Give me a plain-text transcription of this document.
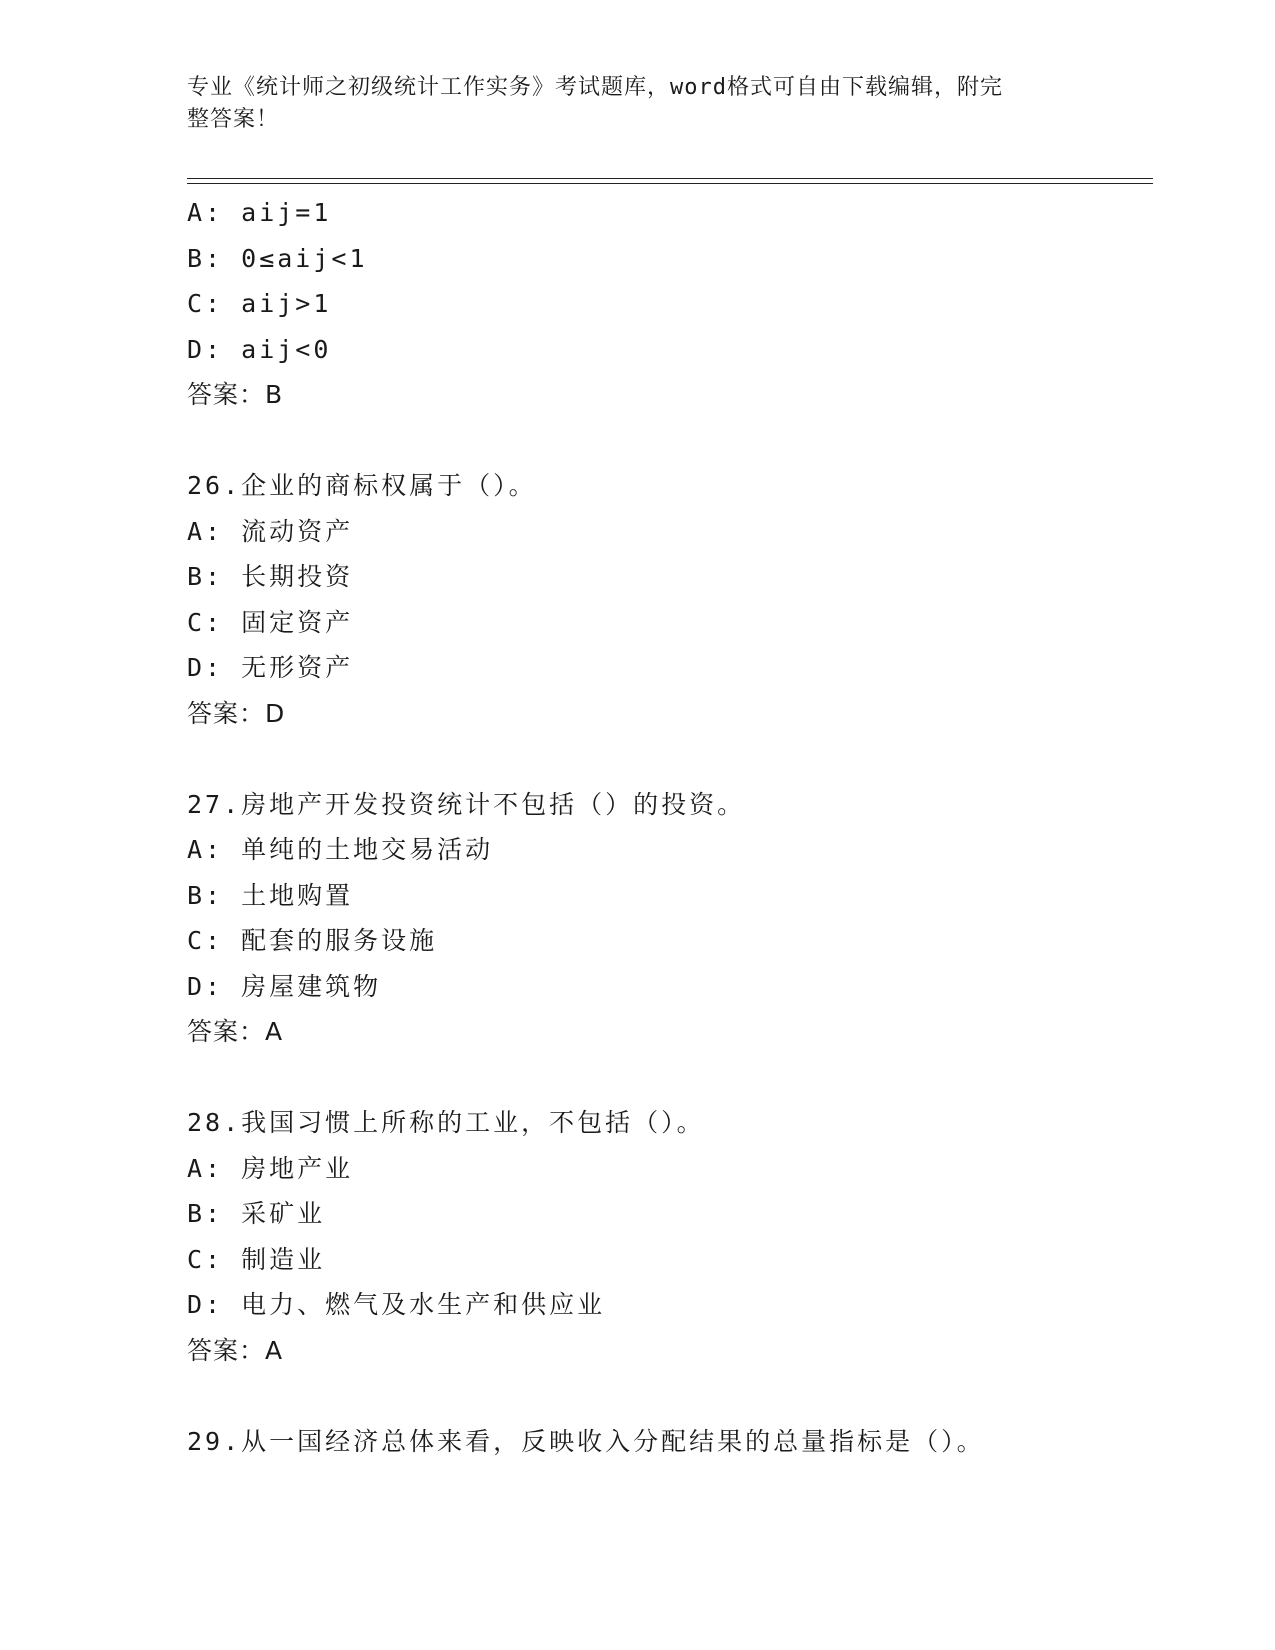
专业《统计师之初级统计工作实务》考试题库，word格式可自由下载编辑，附完
整答案！
A: aij=1
B: 0≤aij<1
C: aij>1
D: aij<0
答案：B
26.企业的商标权属于（）。
A: 流动资产
B: 长期投资
C: 固定资产
D: 无形资产
答案：D
27.房地产开发投资统计不包括（）的投资。
A: 单纯的土地交易活动
B: 土地购置
C: 配套的服务设施
D: 房屋建筑物
答案：A
28.我国习惯上所称的工业，不包括（）。
A: 房地产业
B: 采矿业
C: 制造业
D: 电力、燃气及水生产和供应业
答案：A
29.从一国经济总体来看，反映收入分配结果的总量指标是（）。
